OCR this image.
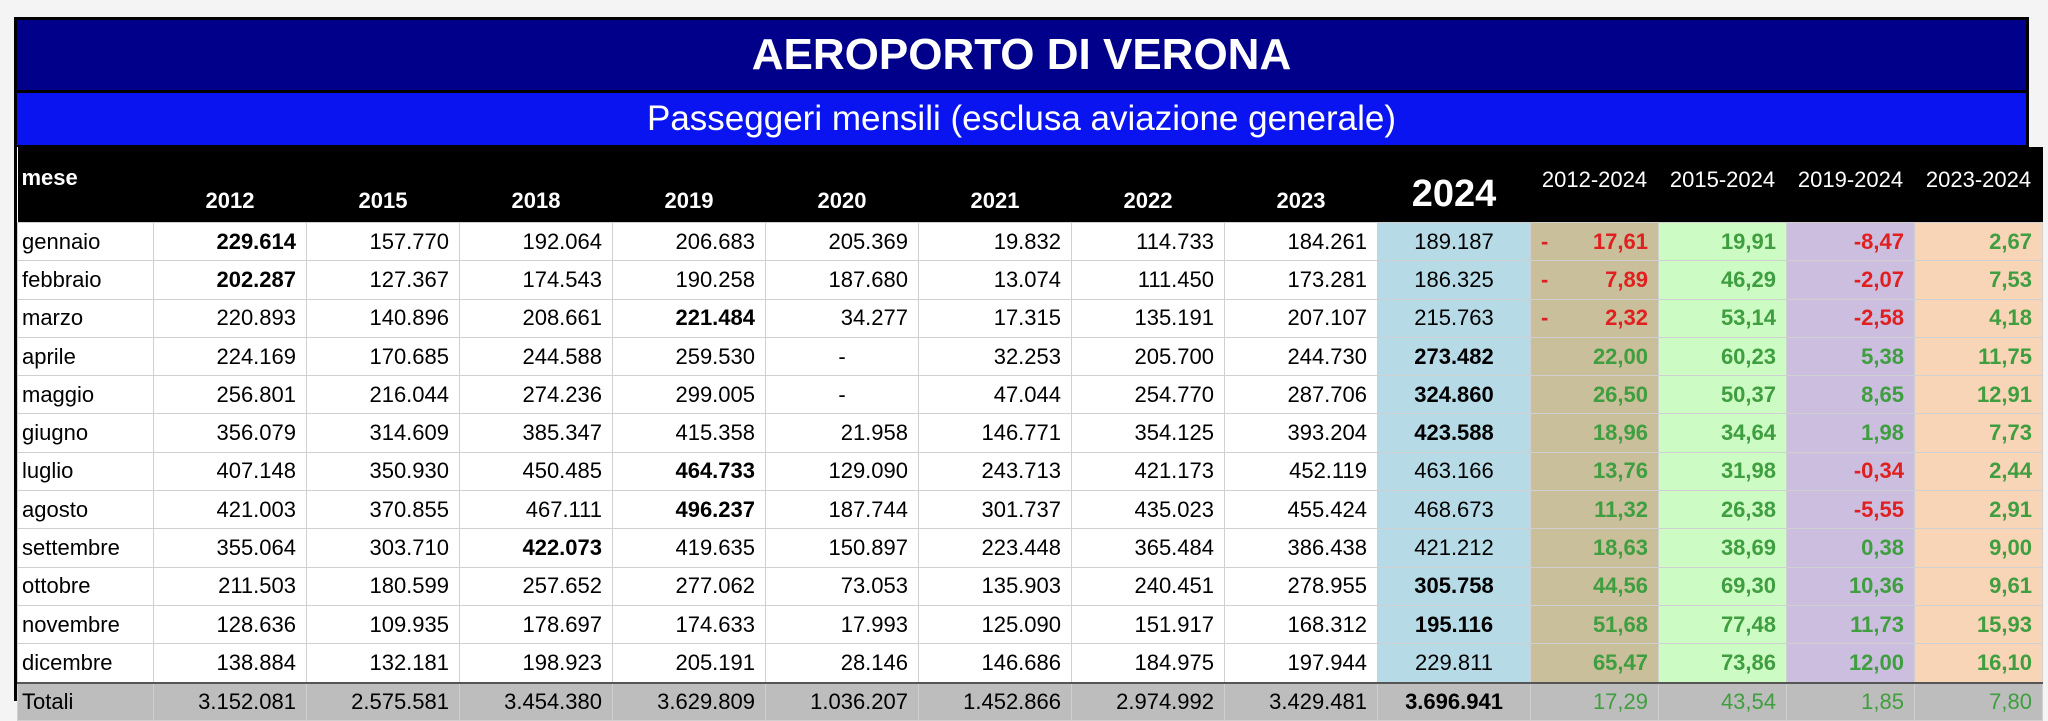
AEROPORTO DI VERONA
Passeggeri mensili (esclusa aviazione generale)
mese	2012	2015	2018	2019	2020	2021	2022	2023	2024	2012-2024	2015-2024	2019-2024	2023-2024
gennaio	229.614	157.770	192.064	206.683	205.369	19.832	114.733	184.261	189.187	- 17,61	19,91	-8,47	2,67
febbraio	202.287	127.367	174.543	190.258	187.680	13.074	111.450	173.281	186.325	- 7,89	46,29	-2,07	7,53
marzo	220.893	140.896	208.661	221.484	34.277	17.315	135.191	207.107	215.763	- 2,32	53,14	-2,58	4,18
aprile	224.169	170.685	244.588	259.530	-	32.253	205.700	244.730	273.482	22,00	60,23	5,38	11,75
maggio	256.801	216.044	274.236	299.005	-	47.044	254.770	287.706	324.860	26,50	50,37	8,65	12,91
giugno	356.079	314.609	385.347	415.358	21.958	146.771	354.125	393.204	423.588	18,96	34,64	1,98	7,73
luglio	407.148	350.930	450.485	464.733	129.090	243.713	421.173	452.119	463.166	13,76	31,98	-0,34	2,44
agosto	421.003	370.855	467.111	496.237	187.744	301.737	435.023	455.424	468.673	11,32	26,38	-5,55	2,91
settembre	355.064	303.710	422.073	419.635	150.897	223.448	365.484	386.438	421.212	18,63	38,69	0,38	9,00
ottobre	211.503	180.599	257.652	277.062	73.053	135.903	240.451	278.955	305.758	44,56	69,30	10,36	9,61
novembre	128.636	109.935	178.697	174.633	17.993	125.090	151.917	168.312	195.116	51,68	77,48	11,73	15,93
dicembre	138.884	132.181	198.923	205.191	28.146	146.686	184.975	197.944	229.811	65,47	73,86	12,00	16,10
Totali	3.152.081	2.575.581	3.454.380	3.629.809	1.036.207	1.452.866	2.974.992	3.429.481	3.696.941	17,29	43,54	1,85	7,80
